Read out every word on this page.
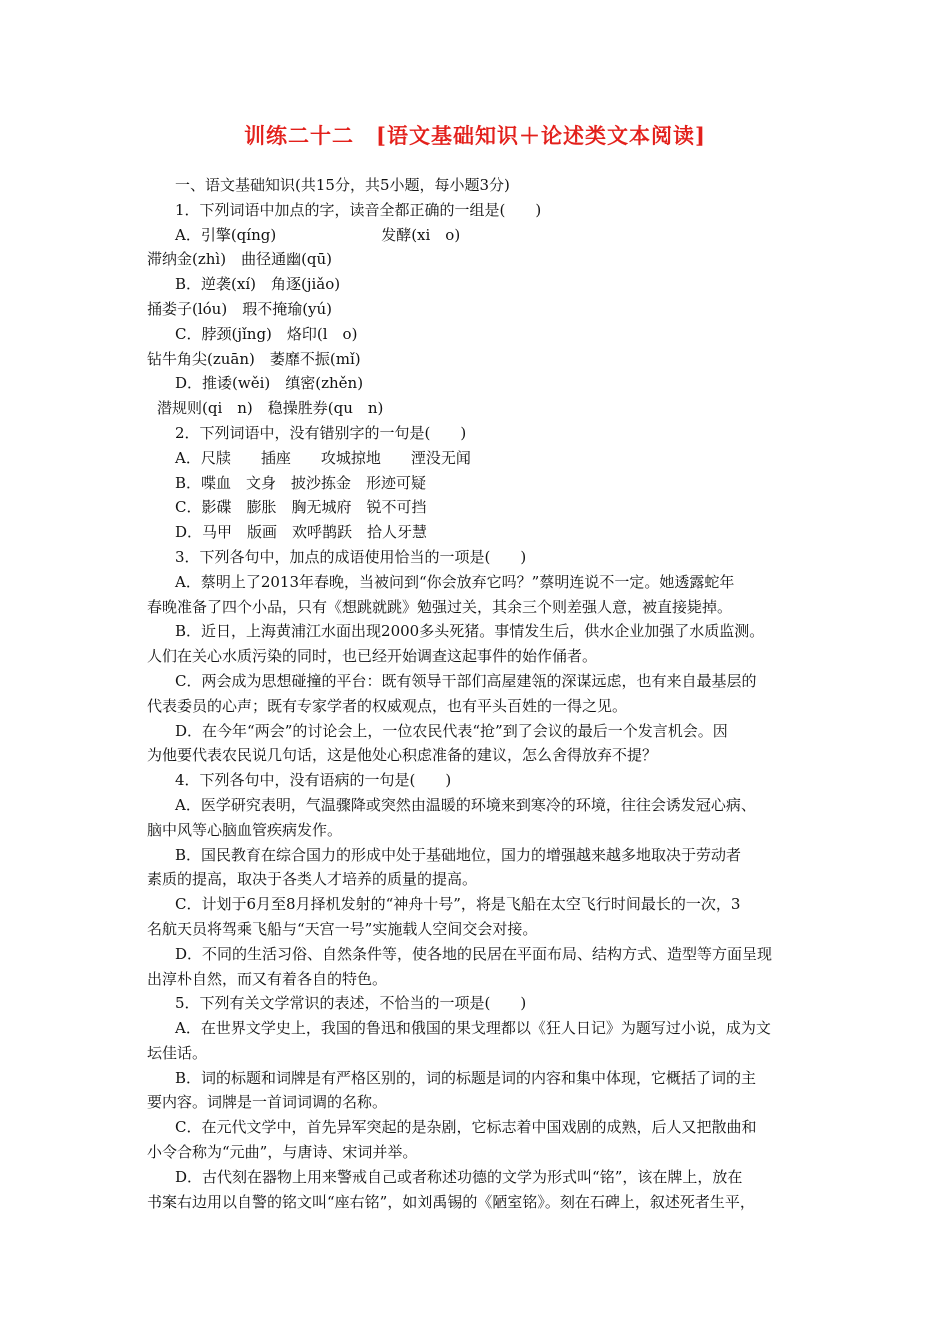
训练二十二　[语文基础知识＋论述类文本阅读]

一、语文基础知识(共15分，共5小题，每小题3分)

1．下列词语中加点的字，读音全都正确的一组是(　　)

A．引擎(qíng)　　　　　　　发酵(xi　o)

滞纳金(zhì)　曲径通幽(qū)

B．逆袭(xí)　角逐(jiǎo)

捅娄子(lóu)　瑕不掩瑜(yú)

C．脖颈(jǐng)　烙印(l　o)

钻牛角尖(zuān)　萎靡不振(mǐ)

D．推诿(wěi)　缜密(zhěn)

潜规则(qi　n)　稳操胜券(qu　n)

2．下列词语中，没有错别字的一句是(　　)

A．尺牍　　插座　　攻城掠地　　湮没无闻

B．喋血　文身　披沙拣金　形迹可疑

C．影碟　膨胀　胸无城府　锐不可挡

D．马甲　版画　欢呼鹊跃　拾人牙慧

3．下列各句中，加点的成语使用恰当的一项是(　　)

A．蔡明上了2013年春晚，当被问到“你会放弃它吗？”蔡明连说不一定。她透露蛇年

春晚准备了四个小品，只有《想跳就跳》勉强过关，其余三个则差强人意，被直接毙掉。

B．近日，上海黄浦江水面出现2000多头死猪。事情发生后，供水企业加强了水质监测。

人们在关心水质污染的同时，也已经开始调查这起事件的始作俑者。

C．两会成为思想碰撞的平台：既有领导干部们高屋建瓴的深谋远虑，也有来自最基层的

代表委员的心声；既有专家学者的权威观点，也有平头百姓的一得之见。

D．在今年“两会”的讨论会上，一位农民代表“抢”到了会议的最后一个发言机会。因

为他要代表农民说几句话，这是他处心积虑准备的建议，怎么舍得放弃不提？

4．下列各句中，没有语病的一句是(　　)

A．医学研究表明，气温骤降或突然由温暖的环境来到寒冷的环境，往往会诱发冠心病、

脑中风等心脑血管疾病发作。

B．国民教育在综合国力的形成中处于基础地位，国力的增强越来越多地取决于劳动者

素质的提高，取决于各类人才培养的质量的提高。

C．计划于6月至8月择机发射的“神舟十号”，将是飞船在太空飞行时间最长的一次，3

名航天员将驾乘飞船与“天宫一号”实施载人空间交会对接。

D．不同的生活习俗、自然条件等，使各地的民居在平面布局、结构方式、造型等方面呈现

出淳朴自然，而又有着各自的特色。

5．下列有关文学常识的表述，不恰当的一项是(　　)

A．在世界文学史上，我国的鲁迅和俄国的果戈理都以《狂人日记》为题写过小说，成为文

坛佳话。

B．词的标题和词牌是有严格区别的，词的标题是词的内容和集中体现，它概括了词的主

要内容。词牌是一首词词调的名称。

C．在元代文学中，首先异军突起的是杂剧，它标志着中国戏剧的成熟，后人又把散曲和

小令合称为“元曲”，与唐诗、宋词并举。

D．古代刻在器物上用来警戒自己或者称述功德的文学为形式叫“铭”，该在牌上，放在

书案右边用以自警的铭文叫“座右铭”，如刘禹锡的《陋室铭》。刻在石碑上，叙述死者生平，
